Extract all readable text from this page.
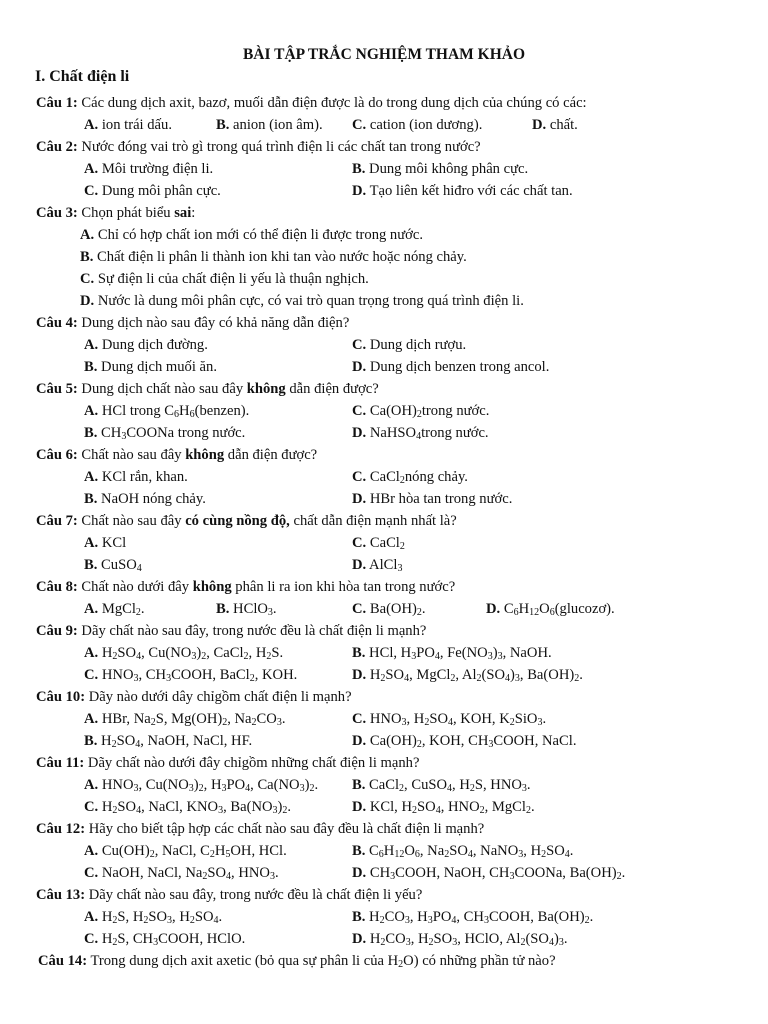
BÀI TẬP TRẮC NGHIỆM THAM KHẢO
I. Chất điện li
Câu 1: Các dung dịch axit, bazơ, muối dẫn điện được là do trong dung dịch của chúng có các:
A. ion trái dấu.	B. anion (ion âm). C. cation (ion dương).	D. chất.
Câu 2: Nước đóng vai trò gì trong quá trình điện li các chất tan trong nước?
A. Môi trường điện li.	B. Dung môi không phân cực.
C. Dung môi phân cực.	D. Tạo liên kết hiđro với các chất tan.
Câu 3: Chọn phát biểu sai:
A. Chỉ có hợp chất ion mới có thể điện li được trong nước.
B. Chất điện li phân li thành ion khi tan vào nước hoặc nóng chảy.
C. Sự điện li của chất điện li yếu là thuận nghịch.
D. Nước là dung môi phân cực, có vai trò quan trọng trong quá trình điện li.
Câu 4: Dung dịch nào sau đây có khả năng dẫn điện?
A. Dung dịch đường.	C. Dung dịch rượu.
B. Dung dịch muối ăn.	D. Dung dịch benzen trong ancol.
Câu 5: Dung dịch chất nào sau đây không dẫn điện được?
A. HCl trong $C_6H_6(benzen)$.	C. $Ca(OH)_2trong$ nước.
B. $CH_3COONa$ trong nước.	D. NaHSO$_4$trong nước.
Câu 6: Chất nào sau đây không dẫn điện được?
A. KCl rắn, khan.	C. CaCl$_2$nóng chảy.
B. NaOH nóng chảy.	D. HBr hòa tan trong nước.
Câu 7: Chất nào sau đây có cùng nồng độ, chất dẫn điện mạnh nhất là?
A. KCl	C. CaCl$_2$
B. CuSO$_4$	D. AlCl$_3$
Câu 8: Chất nào dưới đây không phân li ra ion khi hòa tan trong nước?
A. MgCl$_2$.	B. HClO$_3$.	C. $Ba(OH)_2$.	D. $C_6H_{12}O_6(glucozơ)$.
Câu 9: Dãy chất nào sau đây, trong nước đều là chất điện li mạnh?
A. $H_2SO_4$, $Cu(NO_3)_2$, CaCl$_2$, $H_2S$.	B. HCl, $H_3PO_4$, $Fe(NO_3)_3$, NaOH.
C. $HNO_3$, $CH_3COOH$, BaCl$_2$, KOH.	D. $H_2SO_4$, MgCl$_2$, $Al_2(SO_4)_3$, $Ba(OH)_2$.
Câu 10: Dãy nào dưới dây chỉgồm chất điện li mạnh?
A. HBr, $Na_2S$, $Mg(OH)_2$, $Na_2CO_3$.	C. $HNO_3$, $H_2SO_4$, KOH, $K_2SiO_3$.
B. $H_2SO_4$, NaOH, NaCl, HF.	D. $Ca(OH)_2$, KOH, $CH_3COOH$, NaCl.
Câu 11: Dãy chất nào dưới đây chỉgồm những chất điện li mạnh?
A. $HNO_3$, $Cu(NO_3)_2$, $H_3PO_4$, $Ca(NO_3)_2$. B. CaCl$_2$, CuSO$_4$, $H_2S$, $HNO_3$.
C. $H_2SO_4$, NaCl, $KNO_3$, $Ba(NO_3)_2$.	D. KCl, $H_2SO_4$, $HNO_2$, MgCl$_2$.
Câu 12: Hãy cho biết tập hợp các chất nào sau đây đều là chất điện li mạnh?
A. $Cu(OH)_2$, NaCl, $C_2H_5OH$, HCl.	B. $C_6H_{12}O_6$, $Na_2SO_4$, NaNO$_3$, $H_2SO_4$.
C. NaOH, NaCl, $Na_2SO_4$, $HNO_3$.	D. $CH_3COOH$, NaOH, $CH_3COONa$, $Ba(OH)_2$.
Câu 13: Dãy chất nào sau đây, trong nước đều là chất điện li yếu?
A. $H_2S$, $H_2SO_3$, $H_2SO_4$.	B. $H_2CO_3$, $H_3PO_4$, $CH_3COOH$, $Ba(OH)_2$.
C. $H_2S$, $CH_3COOH$, HClO.	D. $H_2CO_3$, $H_2SO_3$, HClO, $Al_2(SO_4)_3$.
Câu 14: Trong dung dịch axit axetic (bỏ qua sự phân li của $H_2O$) có những phần tử nào?
